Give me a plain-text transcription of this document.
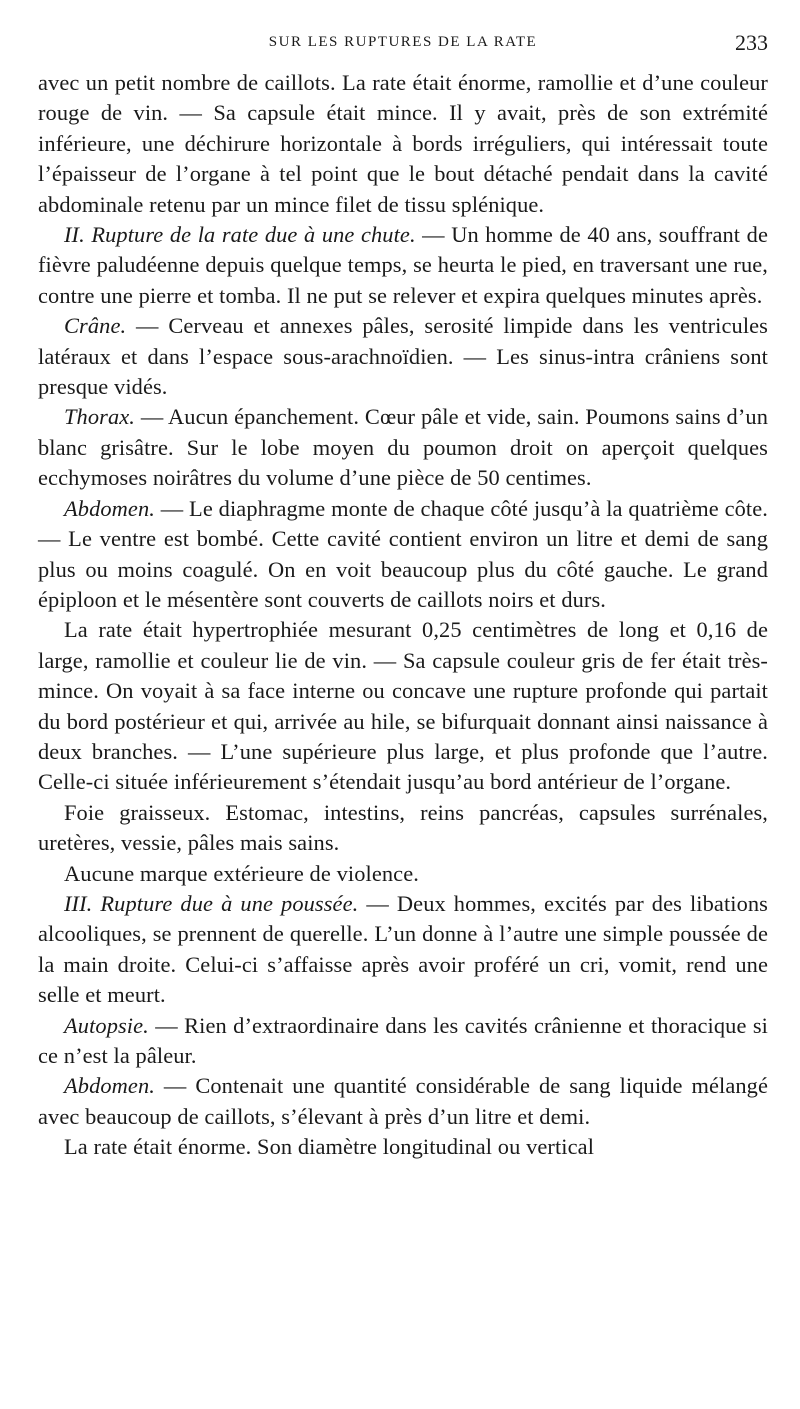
SUR LES RUPTURES DE LA RATE	233

avec un petit nombre de caillots. La rate était énorme, ramollie et d’une couleur rouge de vin. — Sa capsule était mince. Il y avait, près de son extrémité inférieure, une déchirure horizontale à bords irréguliers, qui intéressait toute l’épaisseur de l’organe à tel point que le bout détaché pendait dans la cavité abdominale retenu par un mince filet de tissu splénique.

II. Rupture de la rate due à une chute. — Un homme de 40 ans, souffrant de fièvre paludéenne depuis quelque temps, se heurta le pied, en traversant une rue, contre une pierre et tomba. Il ne put se relever et expira quelques minutes après.

Crâne. — Cerveau et annexes pâles, serosité limpide dans les ventricules latéraux et dans l’espace sous-arachnoïdien. — Les sinus-intra crâniens sont presque vidés.

Thorax. — Aucun épanchement. Cœur pâle et vide, sain. Poumons sains d’un blanc grisâtre. Sur le lobe moyen du poumon droit on aperçoit quelques ecchymoses noirâtres du volume d’une pièce de 50 centimes.

Abdomen. — Le diaphragme monte de chaque côté jusqu’à la quatrième côte. — Le ventre est bombé. Cette cavité contient environ un litre et demi de sang plus ou moins coagulé. On en voit beaucoup plus du côté gauche. Le grand épiploon et le mésentère sont couverts de caillots noirs et durs.

La rate était hypertrophiée mesurant 0,25 centimètres de long et 0,16 de large, ramollie et couleur lie de vin. — Sa capsule couleur gris de fer était très-mince. On voyait à sa face interne ou concave une rupture profonde qui partait du bord postérieur et qui, arrivée au hile, se bifurquait donnant ainsi naissance à deux branches. — L’une supérieure plus large, et plus profonde que l’autre. Celle-ci située inférieurement s’étendait jusqu’au bord antérieur de l’organe.

Foie graisseux. Estomac, intestins, reins pancréas, capsules surrénales, uretères, vessie, pâles mais sains.

Aucune marque extérieure de violence.

III. Rupture due à une poussée. — Deux hommes, excités par des libations alcooliques, se prennent de querelle. L’un donne à l’autre une simple poussée de la main droite. Celui-ci s’affaisse après avoir proféré un cri, vomit, rend une selle et meurt.

Autopsie. — Rien d’extraordinaire dans les cavités crânienne et thoracique si ce n’est la pâleur.

Abdomen. — Contenait une quantité considérable de sang liquide mélangé avec beaucoup de caillots, s’élevant à près d’un litre et demi.

La rate était énorme. Son diamètre longitudinal ou vertical
